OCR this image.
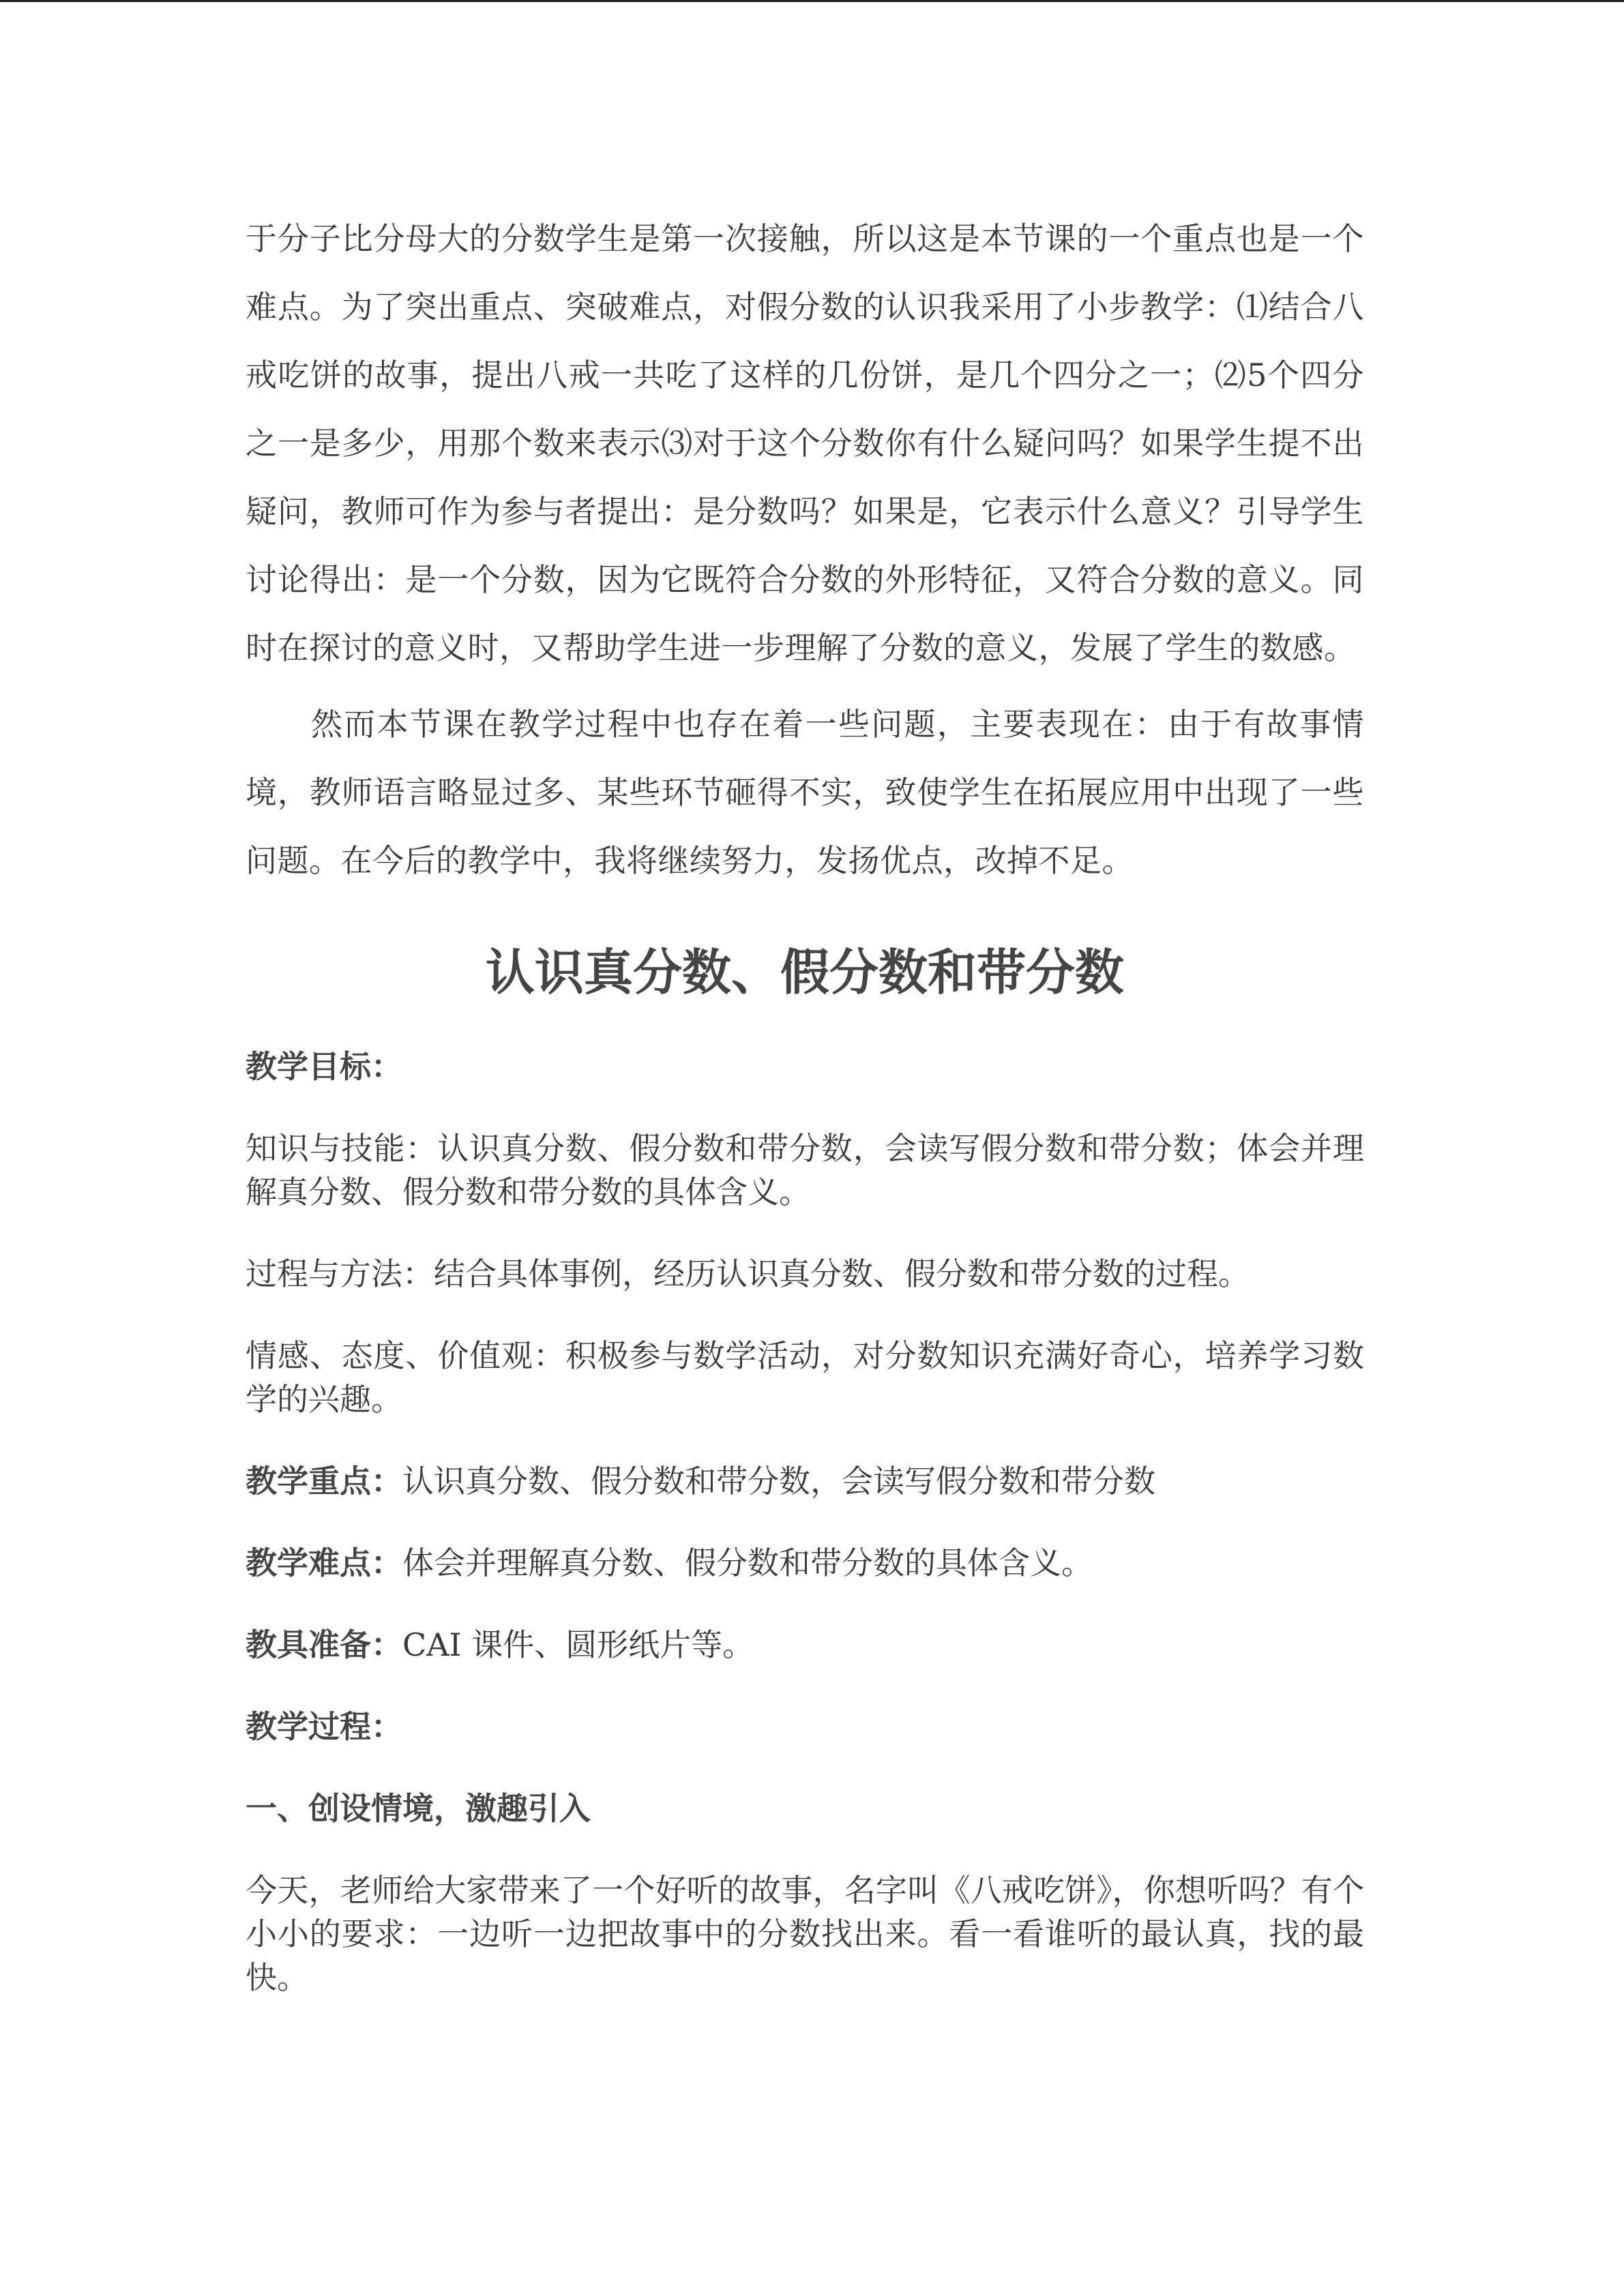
于分子比分母大的分数学生是第一次接触，所以这是本节课的一个重点也是一个难点。为了突出重点、突破难点，对假分数的认识我采用了小步教学：⑴结合八戒吃饼的故事，提出八戒一共吃了这样的几份饼，是几个四分之一；⑵5个四分之一是多少，用那个数来表示⑶对于这个分数你有什么疑问吗？如果学生提不出疑问，教师可作为参与者提出：是分数吗？如果是，它表示什么意义？引导学生讨论得出：是一个分数，因为它既符合分数的外形特征，又符合分数的意义。同时在探讨的意义时，又帮助学生进一步理解了分数的意义，发展了学生的数感。

然而本节课在教学过程中也存在着一些问题，主要表现在：由于有故事情境，教师语言略显过多、某些环节砸得不实，致使学生在拓展应用中出现了一些问题。在今后的教学中，我将继续努力，发扬优点，改掉不足。

认识真分数、假分数和带分数

教学目标：

知识与技能：认识真分数、假分数和带分数，会读写假分数和带分数；体会并理解真分数、假分数和带分数的具体含义。

过程与方法：结合具体事例，经历认识真分数、假分数和带分数的过程。

情感、态度、价值观：积极参与数学活动，对分数知识充满好奇心，培养学习数学的兴趣。

教学重点：认识真分数、假分数和带分数，会读写假分数和带分数

教学难点：体会并理解真分数、假分数和带分数的具体含义。

教具准备：CAI 课件、圆形纸片等。

教学过程：

一、创设情境，激趣引入

今天，老师给大家带来了一个好听的故事，名字叫《八戒吃饼》，你想听吗？有个小小的要求：一边听一边把故事中的分数找出来。看一看谁听的最认真，找的最快。
